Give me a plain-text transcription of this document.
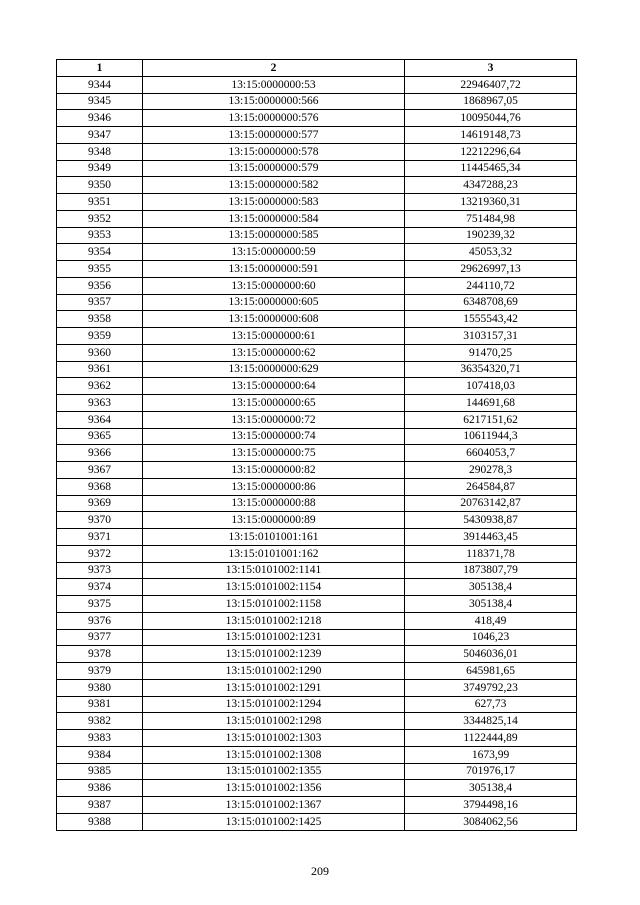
1	2	3
9344	13:15:0000000:53	22946407,72
9345	13:15:0000000:566	1868967,05
9346	13:15:0000000:576	10095044,76
9347	13:15:0000000:577	14619148,73
9348	13:15:0000000:578	12212296,64
9349	13:15:0000000:579	11445465,34
9350	13:15:0000000:582	4347288,23
9351	13:15:0000000:583	13219360,31
9352	13:15:0000000:584	751484,98
9353	13:15:0000000:585	190239,32
9354	13:15:0000000:59	45053,32
9355	13:15:0000000:591	29626997,13
9356	13:15:0000000:60	244110,72
9357	13:15:0000000:605	6348708,69
9358	13:15:0000000:608	1555543,42
9359	13:15:0000000:61	3103157,31
9360	13:15:0000000:62	91470,25
9361	13:15:0000000:629	36354320,71
9362	13:15:0000000:64	107418,03
9363	13:15:0000000:65	144691,68
9364	13:15:0000000:72	6217151,62
9365	13:15:0000000:74	10611944,3
9366	13:15:0000000:75	6604053,7
9367	13:15:0000000:82	290278,3
9368	13:15:0000000:86	264584,87
9369	13:15:0000000:88	20763142,87
9370	13:15:0000000:89	5430938,87
9371	13:15:0101001:161	3914463,45
9372	13:15:0101001:162	118371,78
9373	13:15:0101002:1141	1873807,79
9374	13:15:0101002:1154	305138,4
9375	13:15:0101002:1158	305138,4
9376	13:15:0101002:1218	418,49
9377	13:15:0101002:1231	1046,23
9378	13:15:0101002:1239	5046036,01
9379	13:15:0101002:1290	645981,65
9380	13:15:0101002:1291	3749792,23
9381	13:15:0101002:1294	627,73
9382	13:15:0101002:1298	3344825,14
9383	13:15:0101002:1303	1122444,89
9384	13:15:0101002:1308	1673,99
9385	13:15:0101002:1355	701976,17
9386	13:15:0101002:1356	305138,4
9387	13:15:0101002:1367	3794498,16
9388	13:15:0101002:1425	3084062,56
209
